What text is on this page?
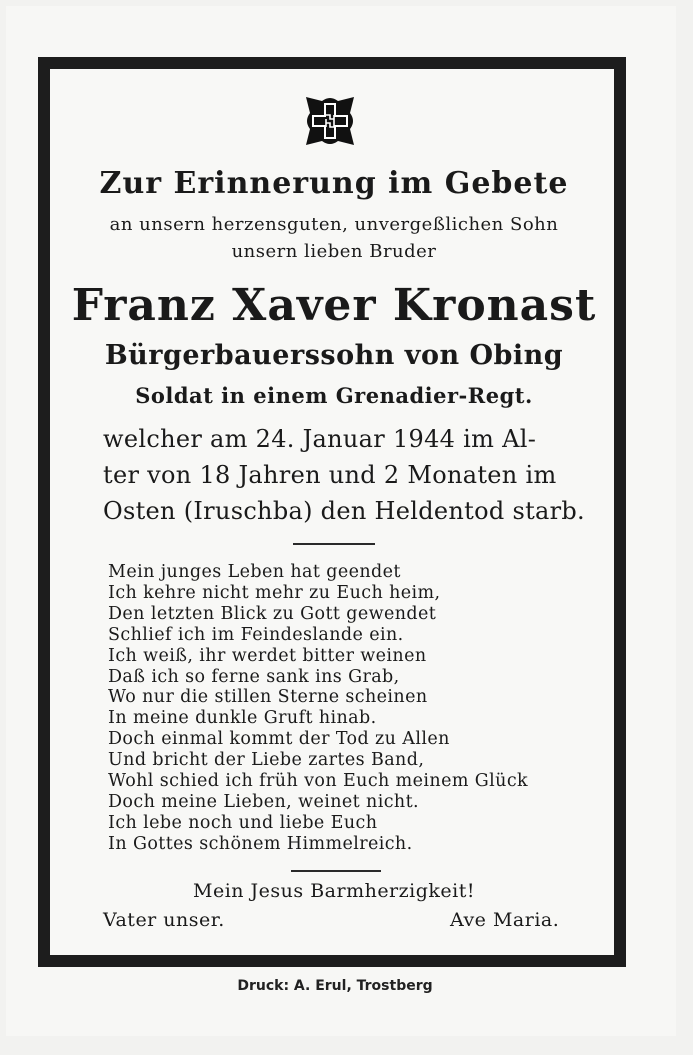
Zur Erinnerung im Gebete
an unsern herzensguten, unvergeßlichen Sohn
unsern lieben Bruder
Franz Xaver Kronast
Bürgerbauerssohn von Obing
Soldat in einem Grenadier-Regt.
welcher am 24. Januar 1944 im Al-
ter von 18 Jahren und 2 Monaten im
Osten (Iruschba) den Heldentod starb.
Mein junges Leben hat geendet
Ich kehre nicht mehr zu Euch heim,
Den letzten Blick zu Gott gewendet
Schlief ich im Feindeslande ein.
Ich weiß, ihr werdet bitter weinen
Daß ich so ferne sank ins Grab,
Wo nur die stillen Sterne scheinen
In meine dunkle Gruft hinab.
Doch einmal kommt der Tod zu Allen
Und bricht der Liebe zartes Band,
Wohl schied ich früh von Euch meinem Glück
Doch meine Lieben, weinet nicht.
Ich lebe noch und liebe Euch
In Gottes schönem Himmelreich.
Mein Jesus Barmherzigkeit!
Vater unser.	Ave Maria.
Druck: A. Erul, Trostberg
